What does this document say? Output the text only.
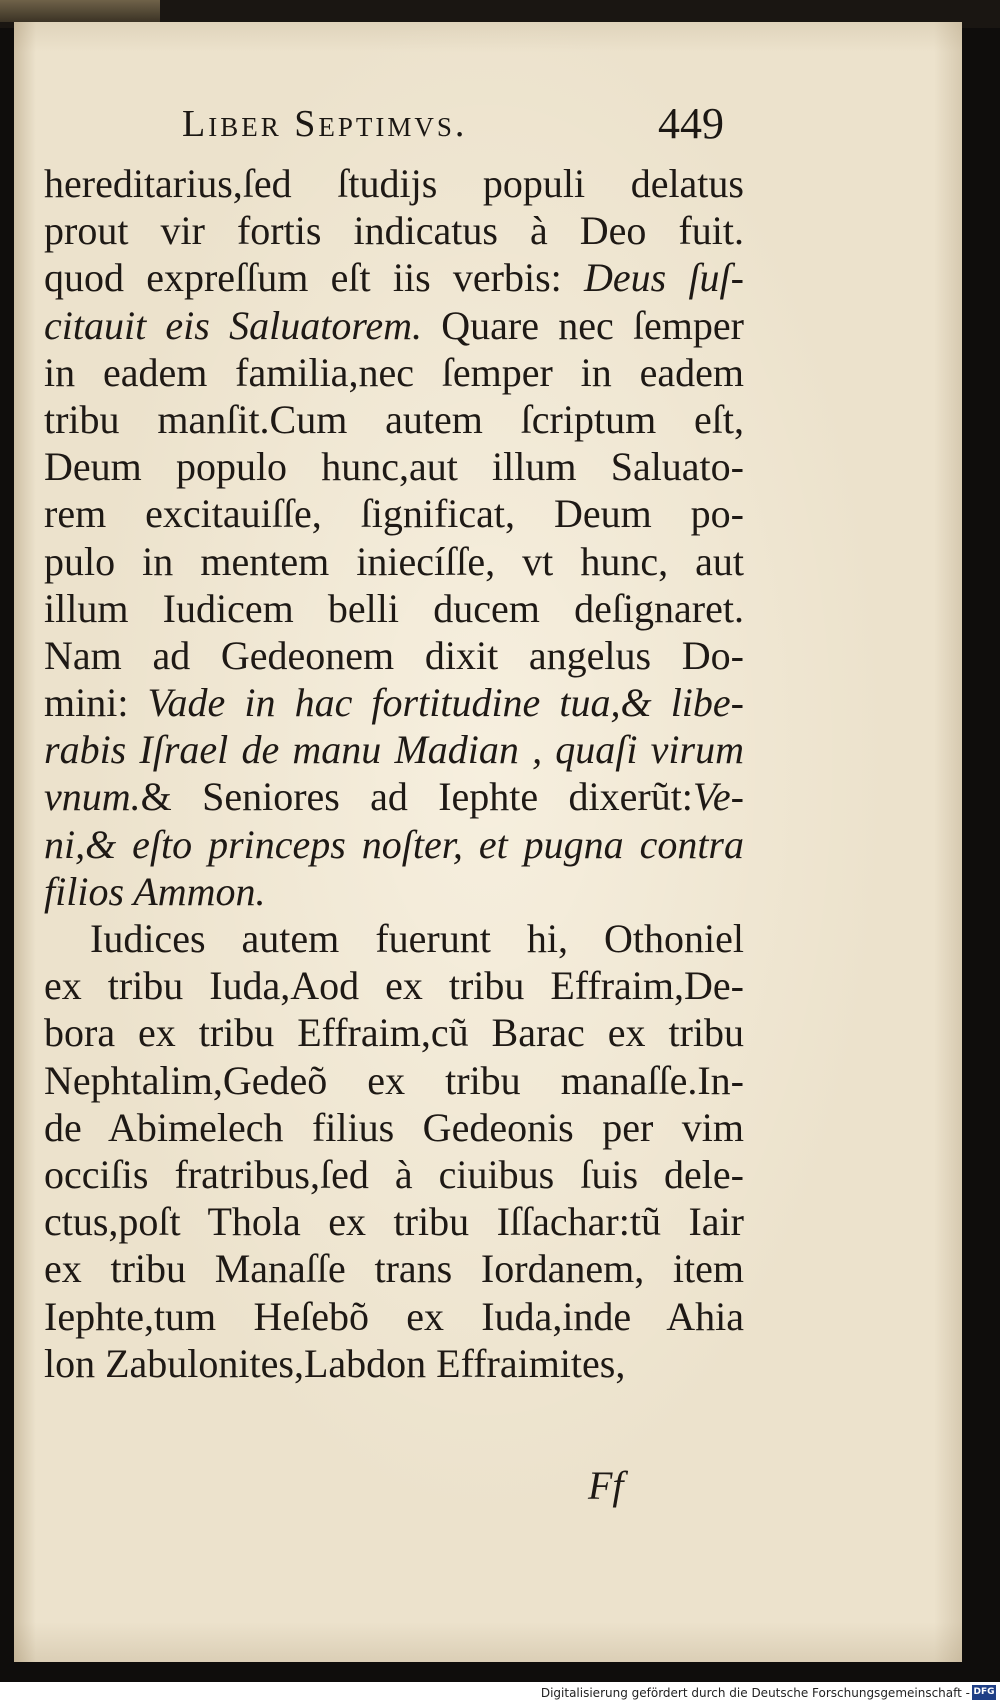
Liber Septimvs.	449
hereditarius,ſed ſtudijs populi delatus
prout vir fortis indicatus à Deo fuit.
quod expreſſum eſt iis verbis: Deus ſuſ-
citauit eis Saluatorem. Quare nec ſemper
in eadem familia,nec ſemper in eadem
tribu manſit.Cum autem ſcriptum eſt,
Deum populo hunc,aut illum Saluato-
rem excitauiſſe, ſignificat, Deum po-
pulo in mentem iniecíſſe, vt hunc, aut
illum Iudicem belli ducem deſignaret.
Nam ad Gedeonem dixit angelus Do-
mini: Vade in hac fortitudine tua,& libe-
rabis Iſrael de manu Madian , quaſi virum
vnum.& Seniores ad Iephte dixerũt:Ve-
ni,& eſto princeps noſter, et pugna contra
filios Ammon.
Iudices autem fuerunt hi, Othoniel
ex tribu Iuda,Aod ex tribu Effraim,De-
bora ex tribu Effraim,cũ Barac ex tribu
Nephtalim,Gedeõ ex tribu manaſſe.In-
de Abimelech filius Gedeonis per vim
occiſis fratribus,ſed à ciuibus ſuis dele-
ctus,poſt Thola ex tribu Iſſachar:tũ Iair
ex tribu Manaſſe trans Iordanem, item
Iephte,tum Heſebõ ex Iuda,inde Ahia
lon Zabulonites,Labdon Effraimites,
Ff
Digitalisierung gefördert durch die Deutsche Forschungsgemeinschaft - DFG
